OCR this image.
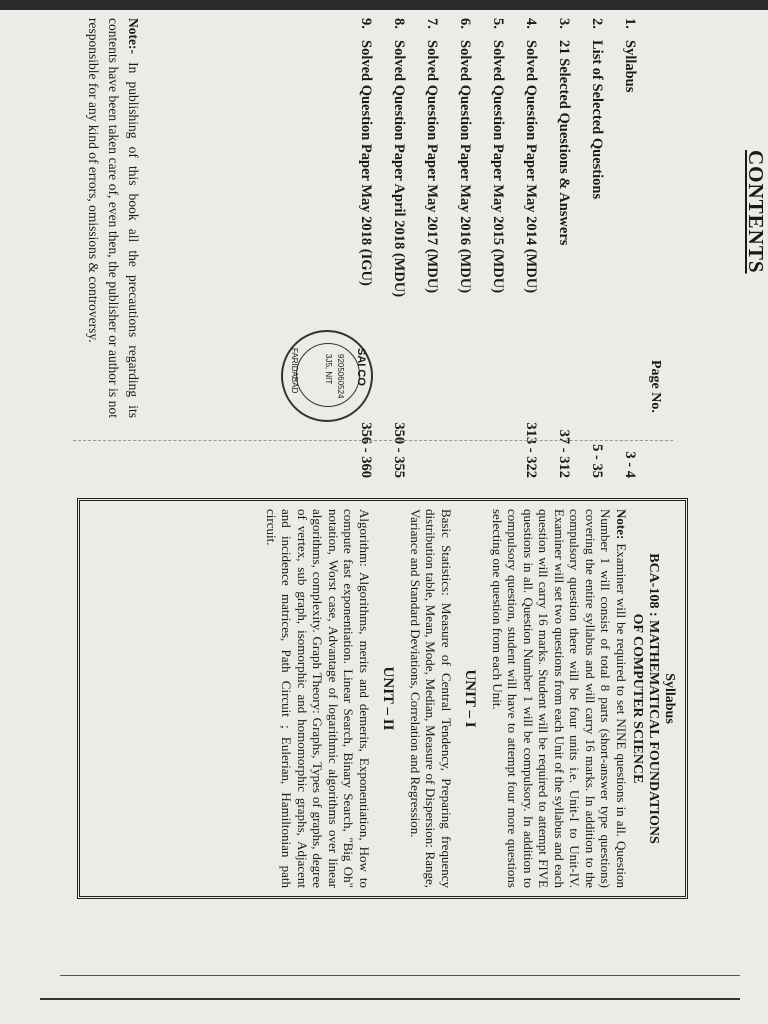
CONTENTS
Page No.
1.
Syllabus
3 - 4
2.
List of Selected Questions
5 - 35
3.
21 Selected Questions & Answers
37 - 312
4.
Solved Question Paper May 2014 (MDU)
313 - 322
5.
Solved Question Paper May 2015 (MDU)
6.
Solved Question Paper May 2016 (MDU)
7.
Solved Question Paper May 2017 (MDU)
8.
Solved Question Paper April 2018 (MDU)
350 - 355
9.
Solved Question Paper May 2018 (IGU)
356 - 360
SAI CO
9205060524
3J5, NIT
FARIDABAD
Note:- In publishing of this book all the precautions regarding its contents have been taken care of, even then, the publisher or author is not responsible for any kind of errors, omissions & controversy.
Syllabus
BCA-108 : MATHEMATICAL FOUNDATIONS
OF COMPUTER SCIENCE

Note: Examiner will be required to set NINE questions in all. Question Number 1 will consist of total 8 parts (short-answer type questions) covering the entire syllabus and will carry 16 marks. In addition to the compulsory question there will be four units i.e. Unit-I to Unit-IV. Examiner will set two questions from each Unit of the syllabus and each question will carry 16 marks. Student will be required to attempt FIVE questions in all. Question Number 1 will be compulsory. In addition to compulsory question, student will have to attempt four more questions selecting one question from each Unit.

UNIT – I

Basic Statistics: Measure of Central Tendency, Preparing frequency distribution table, Mean, Mode, Median, Measure of Dispersion: Range, Variance and Standard Deviations, Correlation and Regression.

UNIT – II

Algorithm: Algorithms, merits and demerits, Exponentiation, How to compute fast exponentiation. Linear Search, Binary Search, "Big Oh" notation, Worst case, Advantage of logarithmic algorithms over linear algorithms, complexity. Graph Theory: Graphs, Types of graphs, degree of vertex, sub graph, isomorphic and homomorphic graphs, Adjacent and incidence matrices, Path Circuit ; Eulerian, Hamiltonian path circuit.
